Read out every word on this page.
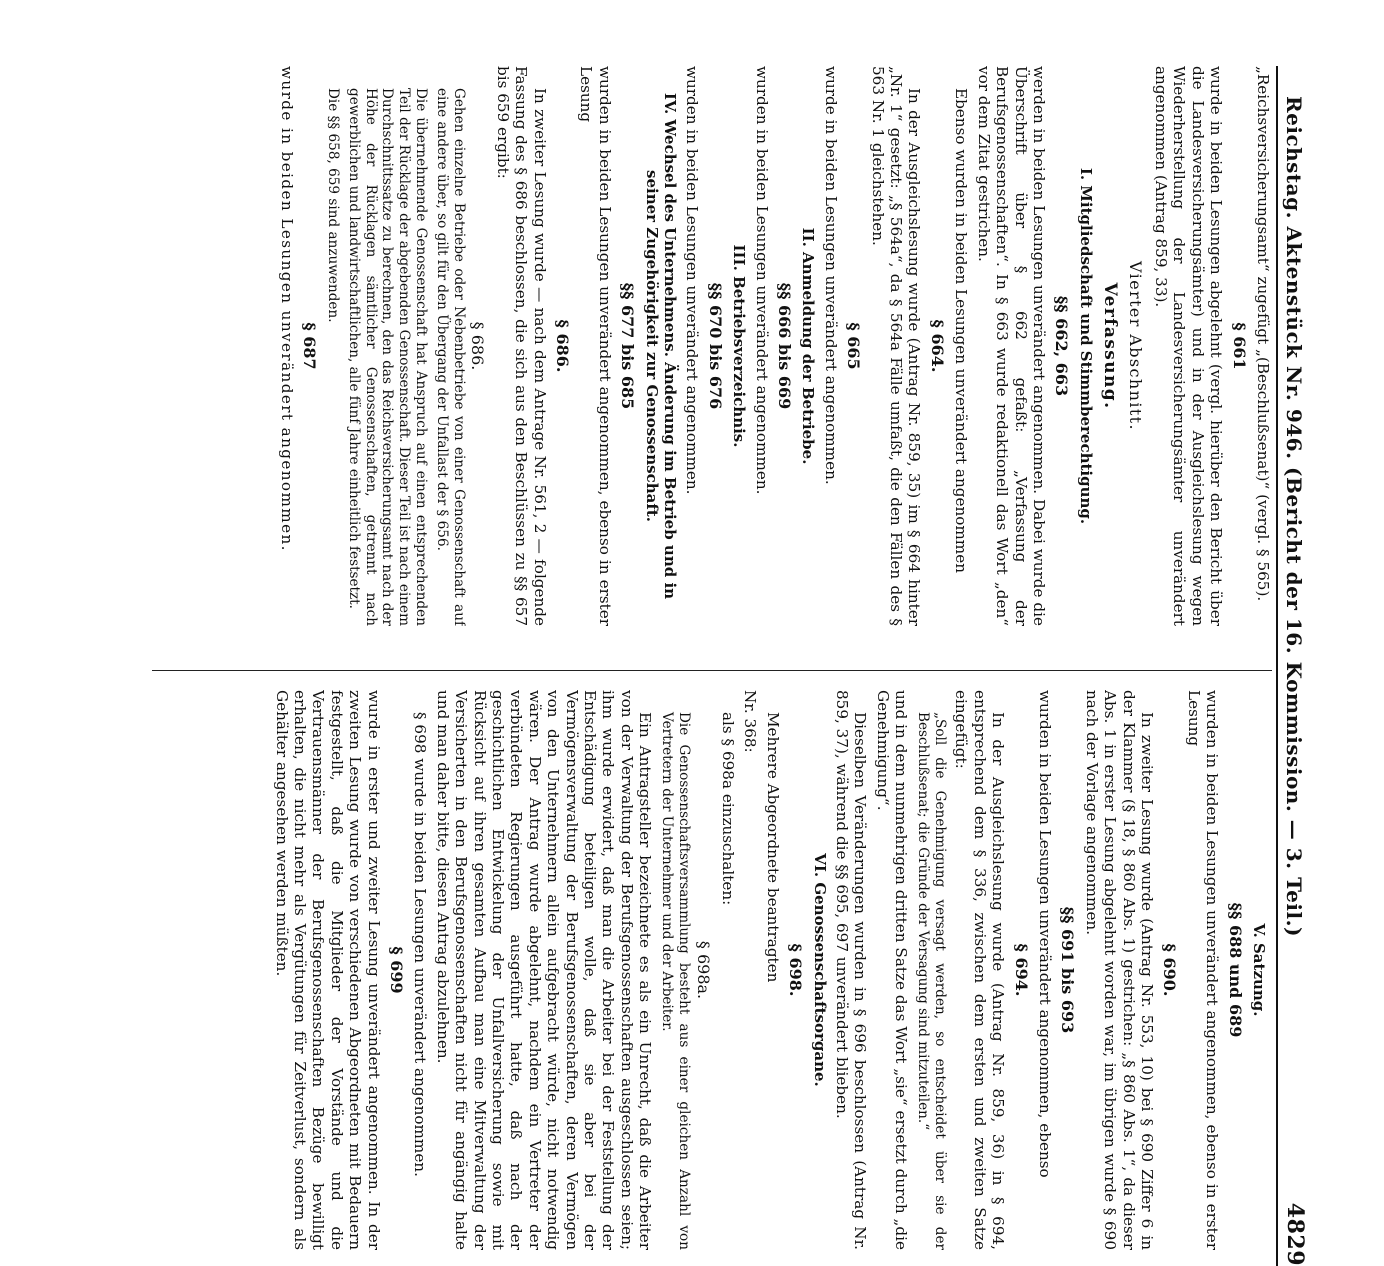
Reichstag. Aktenstück Nr. 946. (Bericht der 16. Kommission. — 3. Teil.)
4829

„Reichsversicherungsamt“ zugefügt „(Beschlußsenat)“ (vergl. § 565).

§ 661

wurde in beiden Lesungen abgelehnt (vergl. hierüber den Bericht über die Landesversicherungsämter) und in der Ausgleichslesung wegen Wiederherstellung der Landesversicherungsämter unverändert angenommen (Antrag 859, 33).

Vierter Abschnitt.
Verfassung.
I. Mitgliedschaft und Stimmberechtigung.
§§ 662, 663

werden in beiden Lesungen unverändert angenommen. Dabei wurde die Überschrift über § 662 gefaßt: „Verfassung der Berufsgenossenschaften“. In § 663 wurde redaktionell das Wort „den“ vor dem Zitat gestrichen.

Ebenso wurden in beiden Lesungen unverändert angenommen

§ 664.

In der Ausgleichslesung wurde (Antrag Nr. 859, 35) im § 664 hinter „Nr. 1“ gesetzt: „§ 564a“, da § 564a Fälle umfaßt, die den Fällen des § 563 Nr. 1 gleichstehen.

§ 665

wurde in beiden Lesungen unverändert angenommen.

II. Anmeldung der Betriebe.
§§ 666 bis 669

wurden in beiden Lesungen unverändert angenommen.

III. Betriebsverzeichnis.
§§ 670 bis 676

wurden in beiden Lesungen unverändert angenommen.

IV. Wechsel des Unternehmens. Änderung im Betrieb und in seiner Zugehörigkeit zur Genossenschaft.
§§ 677 bis 685

wurden in beiden Lesungen unverändert angenommen, ebenso in erster Lesung

§ 686.

In zweiter Lesung wurde — nach dem Antrage Nr. 561, 2 — folgende Fassung des § 686 beschlossen, die sich aus den Beschlüssen zu §§ 657 bis 659 ergibt:

§ 686.

Gehen einzelne Betriebe oder Nebenbetriebe von einer Genossenschaft auf eine andere über, so gilt für den Übergang der Unfallast der § 656.

Die übernehmende Genossenschaft hat Anspruch auf einen entsprechenden Teil der Rücklage der abgebenden Genossenschaft. Dieser Teil ist nach einem Durchschnittssatze zu berechnen, den das Reichsversicherungsamt nach der Höhe der Rücklagen sämtlicher Genossenschaften, getrennt nach gewerblichen und landwirtschaftlichen, alle fünf Jahre einheitlich festsetzt.

Die §§ 658, 659 sind anzuwenden.

§ 687

wurde in beiden Lesungen unverändert angenommen.

V. Satzung.
§§ 688 und 689

wurden in beiden Lesungen unverändert angenommen, ebenso in erster Lesung

§ 690.

In zweiter Lesung wurde (Antrag Nr. 553, 10) bei § 690 Ziffer 6 in der Klammer (§ 18, § 860 Abs. 1) gestrichen: „§ 860 Abs. 1“, da dieser Abs. 1 in erster Lesung abgelehnt worden war, im übrigen wurde § 690 nach der Vorlage angenommen.

§§ 691 bis 693

wurden in beiden Lesungen unverändert angenommen, ebenso

§ 694.

In der Ausgleichslesung wurde (Antrag Nr. 859, 36) in § 694, entsprechend dem § 336, zwischen dem ersten und zweiten Satze eingefügt:

„Soll die Genehmigung versagt werden, so entscheidet über sie der Beschlußsenat; die Gründe der Versagung sind mitzuteilen.“

und in dem nunmehrigen dritten Satze das Wort „sie“ ersetzt durch „die Genehmigung“.

Dieselben Veränderungen wurden in § 696 beschlossen (Antrag Nr. 859, 37), während die §§ 695, 697 unverändert blieben.

VI. Genossenschaftsorgane.
§ 698.

Mehrere Abgeordnete beantragten

Nr. 368:

als § 698a einzuschalten:

§ 698a.

Die Genossenschaftsversammlung besteht aus einer gleichen Anzahl von Vertretern der Unternehmer und der Arbeiter.

Ein Antragsteller bezeichnete es als ein Unrecht, daß die Arbeiter von der Verwaltung der Berufsgenossenschaften ausgeschlossen seien; ihm wurde erwidert, daß man die Arbeiter bei der Feststellung der Entschädigung beteiligen wolle, daß sie aber bei der Vermögensverwaltung der Berufsgenossenschaften, deren Vermögen von den Unternehmern allein aufgebracht würde, nicht notwendig wären. Der Antrag wurde abgelehnt, nachdem ein Vertreter der verbündeten Regierungen ausgeführt hatte, daß nach der geschichtlichen Entwickelung der Unfallversicherung sowie mit Rücksicht auf ihren gesamten Aufbau man eine Mitverwaltung der Versicherten in den Berufsgenossenschaften nicht für angängig halte und man daher bitte, diesen Antrag abzulehnen.

§ 698 wurde in beiden Lesungen unverändert angenommen.

§ 699

wurde in erster und zweiter Lesung unverändert angenommen. In der zweiten Lesung wurde von verschiedenen Abgeordneten mit Bedauern festgestellt, daß die Mitglieder der Vorstände und die Vertrauensmänner der Berufsgenossenschaften Bezüge bewilligt erhalten, die nicht mehr als Vergütungen für Zeitverlust, sondern als Gehälter angesehen werden müßten.
